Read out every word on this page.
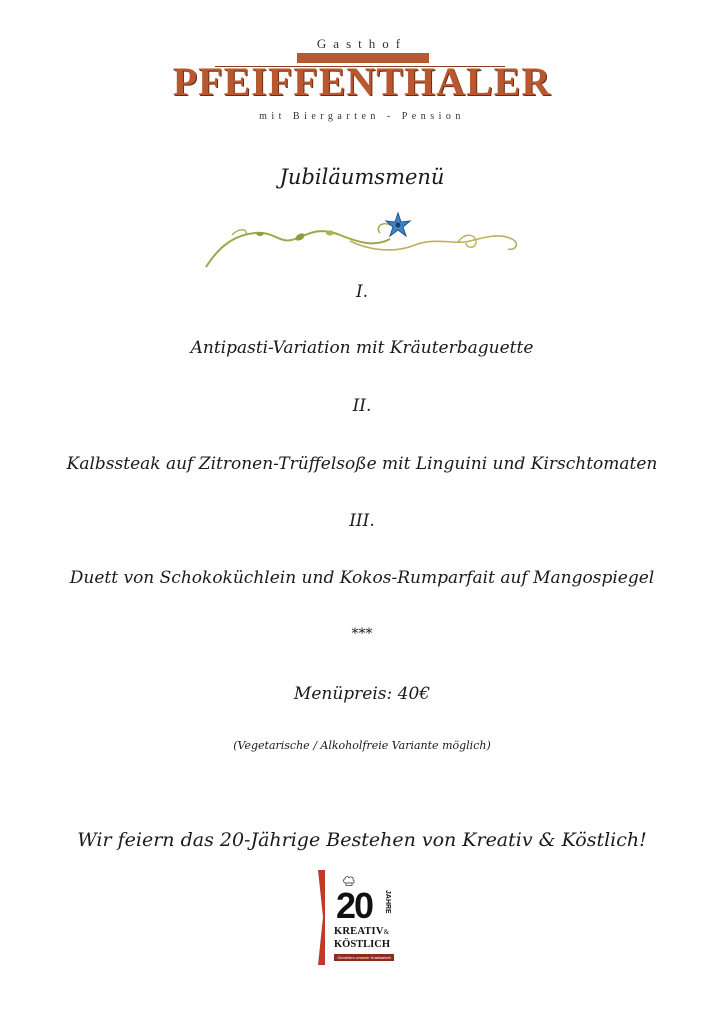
Gasthof
PFEIFFENTHALER
mit Biergarten - Pension
Jubiläumsmenü
I.
Antipasti-Variation mit Kräuterbaguette
II.
Kalbssteak auf Zitronen-Trüffelsoße mit Linguini und Kirschtomaten
III.
Duett von Schokoküchlein und Kokos-Rumparfait auf Mangospiegel
***
Menüpreis: 40€
(Vegetarische / Alkoholfreie Variante möglich)
Wir feiern das 20-Jährige Bestehen von Kreativ & Köstlich!
20 JAHRE
KREATIV&
KÖSTLICH
Genießen unserer Kostbarkeit
